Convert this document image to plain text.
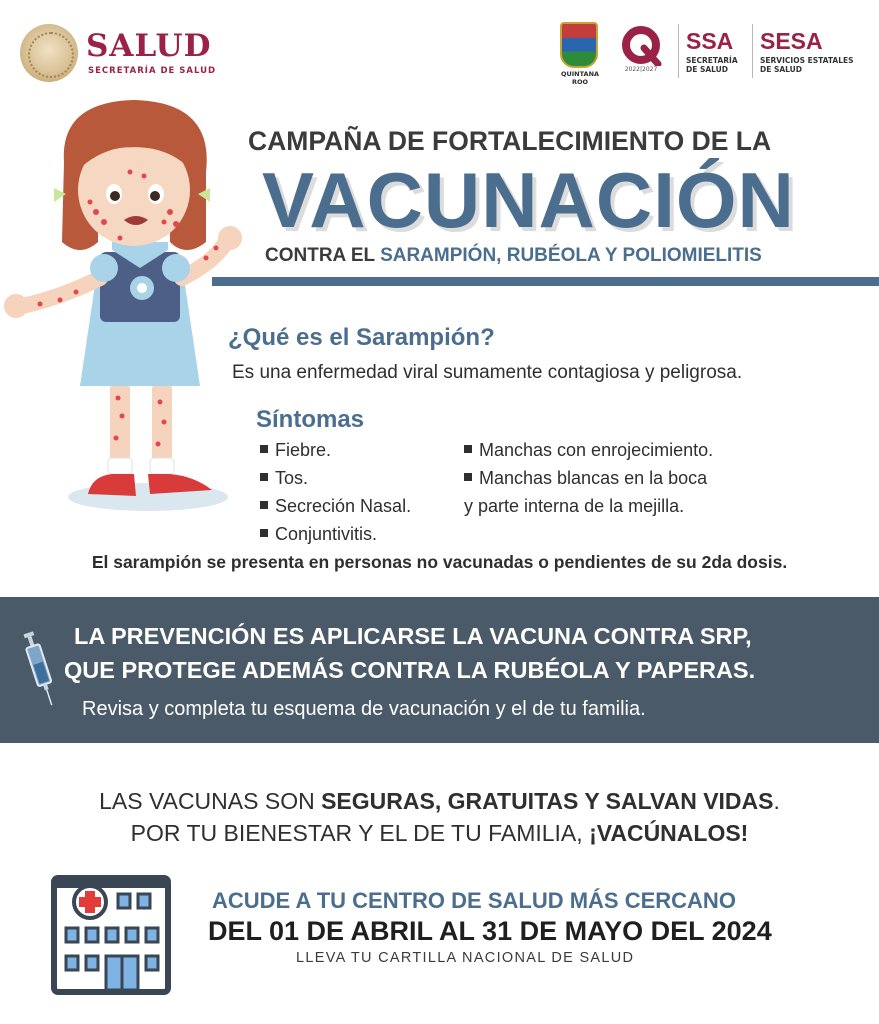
SALUD
SECRETARÍA DE SALUD	QUINTANA ROO
2022|2027
SSA
SECRETARÍA
DE SALUD
SESA
SERVICIOS ESTATALES
DE SALUD
CAMPAÑA DE FORTALECIMIENTO DE LA
VACUNACIÓN
CONTRA EL SARAMPIÓN, RUBÉOLA Y POLIOMIELITIS
¿Qué es el Sarampión?
Es una enfermedad viral sumamente contagiosa y peligrosa.
Síntomas
Fiebre.
Tos.
Secreción Nasal.
Conjuntivitis.
Manchas con enrojecimiento.
Manchas blancas en la boca
y parte interna de la mejilla.
El sarampión se presenta en personas no vacunadas o pendientes de su 2da dosis.
LA PREVENCIÓN ES APLICARSE LA VACUNA CONTRA SRP,
QUE PROTEGE ADEMÁS CONTRA LA RUBÉOLA Y PAPERAS.
Revisa y completa tu esquema de vacunación y el de tu familia.
LAS VACUNAS SON SEGURAS, GRATUITAS Y SALVAN VIDAS.
POR TU BIENESTAR Y EL DE TU FAMILIA, ¡VACÚNALOS!
ACUDE A TU CENTRO DE SALUD MÁS CERCANO
DEL 01 DE ABRIL AL 31 DE MAYO DEL 2024
LLEVA TU CARTILLA NACIONAL DE SALUD
